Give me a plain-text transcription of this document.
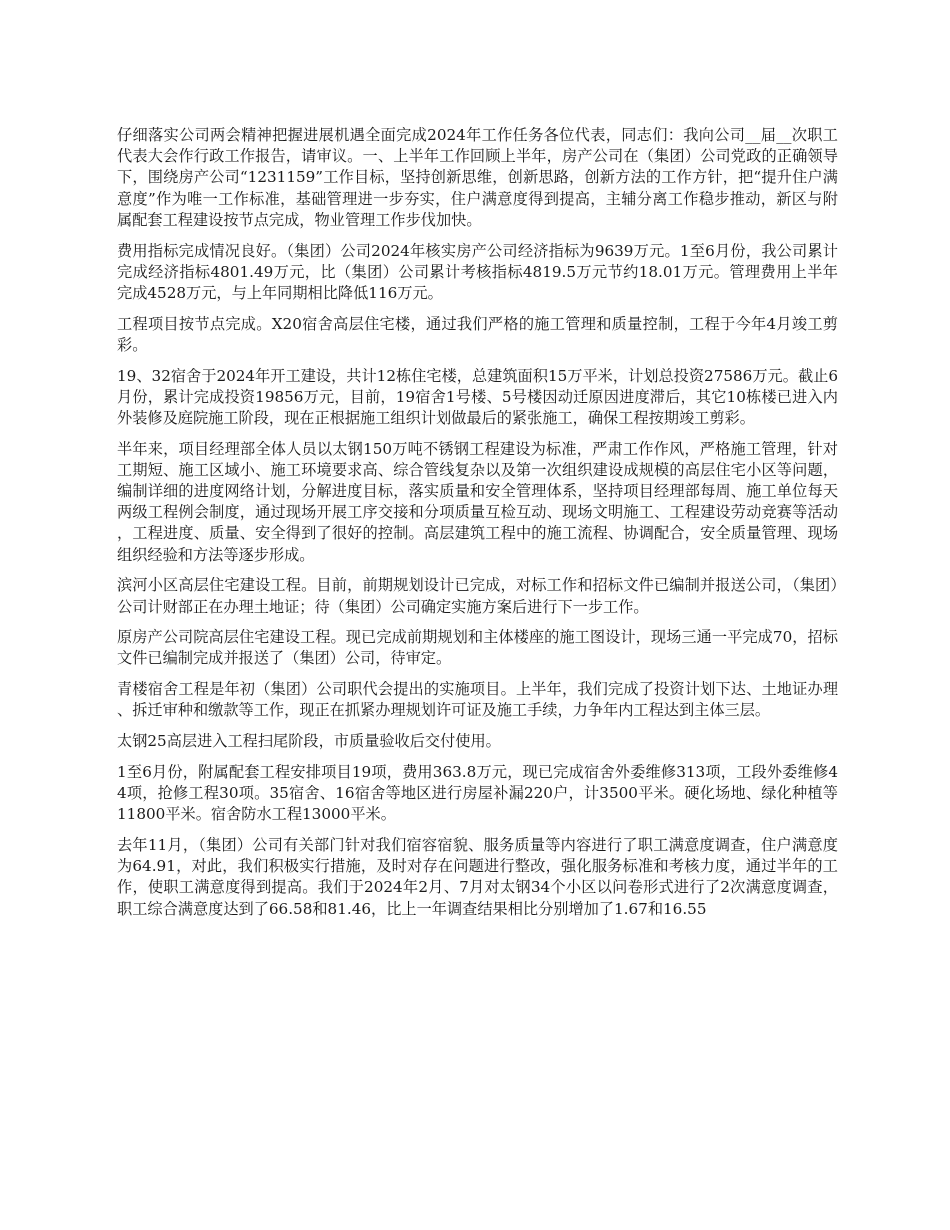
仔细落实公司两会精神把握进展机遇全面完成2024年工作任务各位代表，同志们：我向公司__届__次职工代表大会作行政工作报告，请审议。一、上半年工作回顾上半年，房产公司在（集团）公司党政的正确领导下，围绕房产公司“1231159”工作目标，坚持创新思维，创新思路，创新方法的工作方针，把“提升住户满意度”作为唯一工作标准，基础管理进一步夯实，住户满意度得到提高，主辅分离工作稳步推动，新区与附属配套工程建设按节点完成，物业管理工作步伐加快。

费用指标完成情况良好。（集团）公司2024年核实房产公司经济指标为9639万元。1至6月份，我公司累计完成经济指标4801.49万元，比（集团）公司累计考核指标4819.5万元节约18.01万元。管理费用上半年完成4528万元，与上年同期相比降低116万元。

工程项目按节点完成。X20宿舍高层住宅楼，通过我们严格的施工管理和质量控制，工程于今年4月竣工剪彩。

19、32宿舍于2024年开工建设，共计12栋住宅楼，总建筑面积15万平米，计划总投资27586万元。截止6月份，累计完成投资19856万元，目前，19宿舍1号楼、5号楼因动迁原因进度滞后，其它10栋楼已进入内外装修及庭院施工阶段，现在正根据施工组织计划做最后的紧张施工，确保工程按期竣工剪彩。

半年来，项目经理部全体人员以太钢150万吨不锈钢工程建设为标准，严肃工作作风，严格施工管理，针对工期短、施工区域小、施工环境要求高、综合管线复杂以及第一次组织建设成规模的高层住宅小区等问题，编制详细的进度网络计划，分解进度目标，落实质量和安全管理体系，坚持项目经理部每周、施工单位每天两级工程例会制度，通过现场开展工序交接和分项质量互检互动、现场文明施工、工程建设劳动竞赛等活动，工程进度、质量、安全得到了很好的控制。高层建筑工程中的施工流程、协调配合，安全质量管理、现场组织经验和方法等逐步形成。

滨河小区高层住宅建设工程。目前，前期规划设计已完成，对标工作和招标文件已编制并报送公司，（集团）公司计财部正在办理土地证；待（集团）公司确定实施方案后进行下一步工作。

原房产公司院高层住宅建设工程。现已完成前期规划和主体楼座的施工图设计，现场三通一平完成70，招标文件已编制完成并报送了（集团）公司，待审定。

青楼宿舍工程是年初（集团）公司职代会提出的实施项目。上半年，我们完成了投资计划下达、土地证办理、拆迁审种和缴款等工作，现正在抓紧办理规划许可证及施工手续，力争年内工程达到主体三层。

太钢25高层进入工程扫尾阶段，市质量验收后交付使用。

1至6月份，附属配套工程安排项目19项，费用363.8万元，现已完成宿舍外委维修313项，工段外委维修44项，抢修工程30项。35宿舍、16宿舍等地区进行房屋补漏220户，计3500平米。硬化场地、绿化种植等11800平米。宿舍防水工程13000平米。

去年11月，（集团）公司有关部门针对我们宿容宿貌、服务质量等内容进行了职工满意度调查，住户满意度为64.91，对此，我们积极实行措施，及时对存在问题进行整改，强化服务标准和考核力度，通过半年的工作，使职工满意度得到提高。我们于2024年2月、7月对太钢34个小区以问卷形式进行了2次满意度调查，职工综合满意度达到了66.58和81.46，比上一年调查结果相比分别增加了1.67和16.55
